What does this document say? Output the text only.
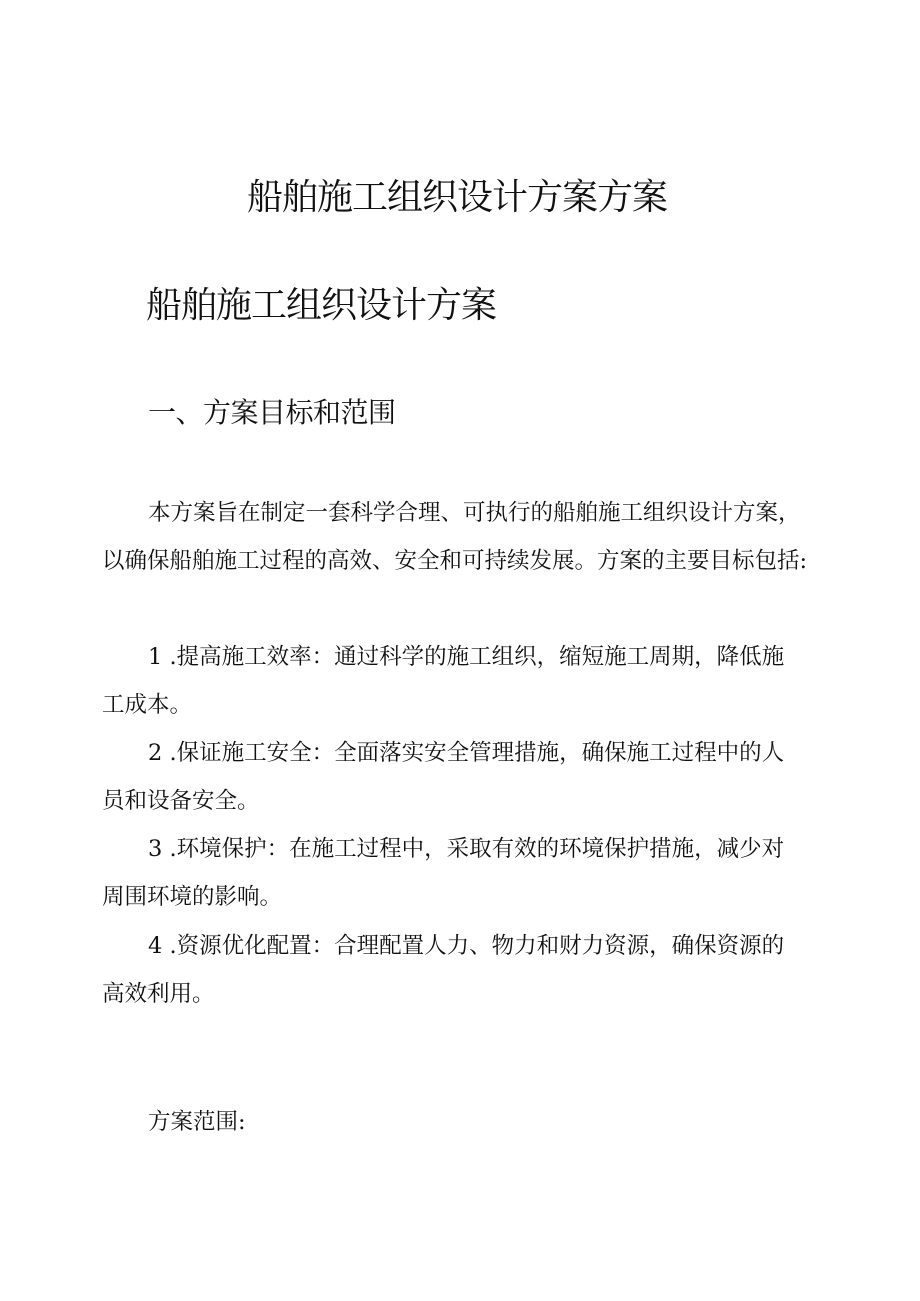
船舶施工组织设计方案方案
船舶施工组织设计方案
一、方案目标和范围
本方案旨在制定一套科学合理、可执行的船舶施工组织设计方案，
以确保船舶施工过程的高效、安全和可持续发展。方案的主要目标包括:
1 .提高施工效率：通过科学的施工组织，缩短施工周期，降低施
工成本。
2 .保证施工安全：全面落实安全管理措施，确保施工过程中的人
员和设备安全。
3 .环境保护：在施工过程中，采取有效的环境保护措施，减少对
周围环境的影响。
4 .资源优化配置：合理配置人力、物力和财力资源，确保资源的
高效利用。
方案范围:
